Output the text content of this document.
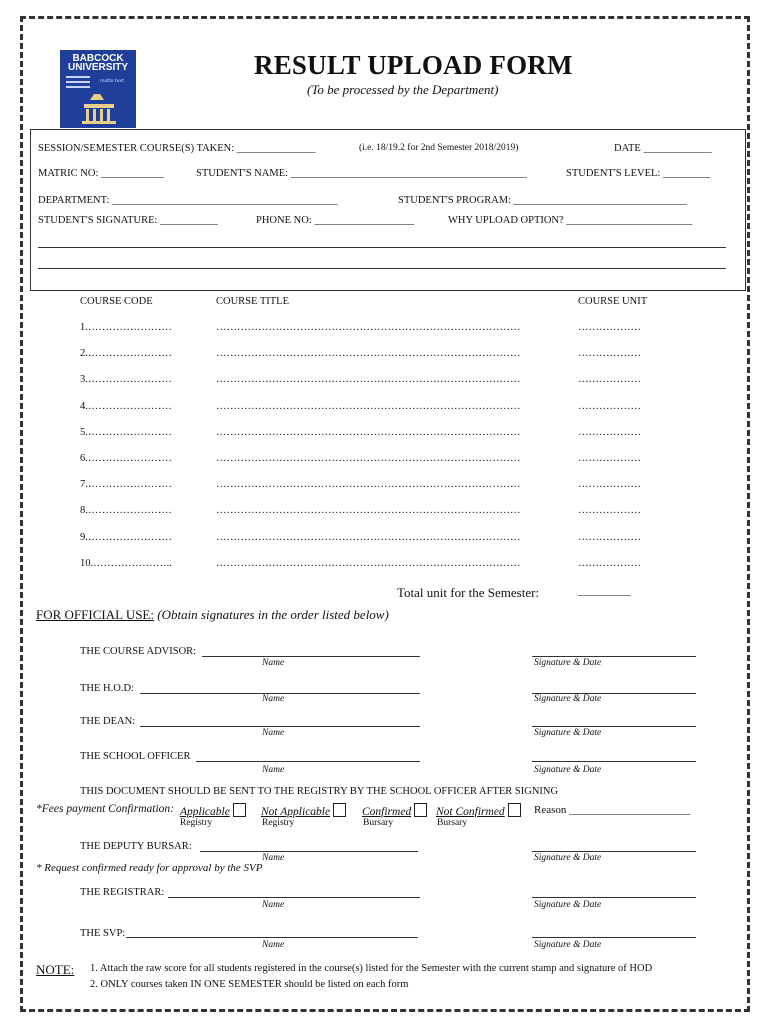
BABCOCK
UNIVERSITY
motto text
RESULT UPLOAD FORM
(To be processed by the Department)
SESSION/SEMESTER COURSE(S) TAKEN: _______________	(i.e. 18/19.2 for 2nd Semester 2018/2019)	DATE _____________
MATRIC NO: ____________	STUDENT'S NAME: _____________________________________________	STUDENT'S LEVEL: _________
DEPARTMENT: ___________________________________________	STUDENT'S PROGRAM: _________________________________
STUDENT'S SIGNATURE: ___________	PHONE NO: ___________________	WHY UPLOAD OPTION? ________________________
COURSE CODE	COURSE TITLE	COURSE UNIT
1.……………………	……………………………………………………………………………	………………
2.……………………	……………………………………………………………………………	………………
3.……………………	……………………………………………………………………………	………………
4.……………………	……………………………………………………………………………	………………
5.……………………	……………………………………………………………………………	………………
6.……………………	……………………………………………………………………………	………………
7.……………………	……………………………………………………………………………	………………
8.……………………	……………………………………………………………………………	………………
9.……………………	……………………………………………………………………………	………………
10.…………………..	……………………………………………………………………………	………………
Total unit for the Semester:	__________
FOR OFFICIAL USE: (Obtain signatures in the order listed below)
THE COURSE ADVISOR:
Name	Signature & Date
THE H.O.D:
Name	Signature & Date
THE DEAN:
Name	Signature & Date
THE SCHOOL OFFICER
Name	Signature & Date
THIS DOCUMENT SHOULD BE SENT TO THE REGISTRY BY THE SCHOOL OFFICER AFTER SIGNING
*Fees payment Confirmation: Applicable	Not Applicable	Confirmed	Not Confirmed	Reason ______________________
Registry	Registry	Bursary	Bursary
THE DEPUTY BURSAR:
Name	Signature & Date
* Request confirmed ready for approval by the SVP
THE REGISTRAR:
Name	Signature & Date
THE SVP:
Name	Signature & Date
NOTE: 1. Attach the raw score for all students registered in the course(s) listed for the Semester with the current stamp and signature of HOD
2. ONLY courses taken IN ONE SEMESTER should be listed on each form
